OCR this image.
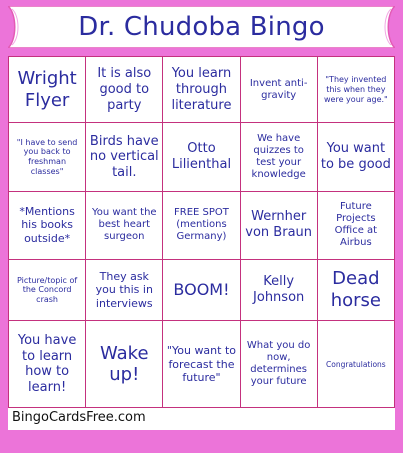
Dr. Chudoba Bingo
Wright Flyer	It is also good to party	You learn through literature	Invent anti-gravity	"They invented this when they were your age."
"I have to send you back to freshman classes"	Birds have no vertical tail.	Otto Lilienthal	We have quizzes to test your knowledge	You want to be good
*Mentions his books outside*	You want the best heart surgeon	FREE SPOT (mentions Germany)	Wernher von Braun	Future Projects Office at Airbus
Picture/topic of the Concord crash	They ask you this in interviews	BOOM!	Kelly Johnson	Dead horse
You have to learn how to learn!	Wake up!	"You want to forecast the future"	What you do now, determines your future	Congratulations
BingoCardsFree.com
